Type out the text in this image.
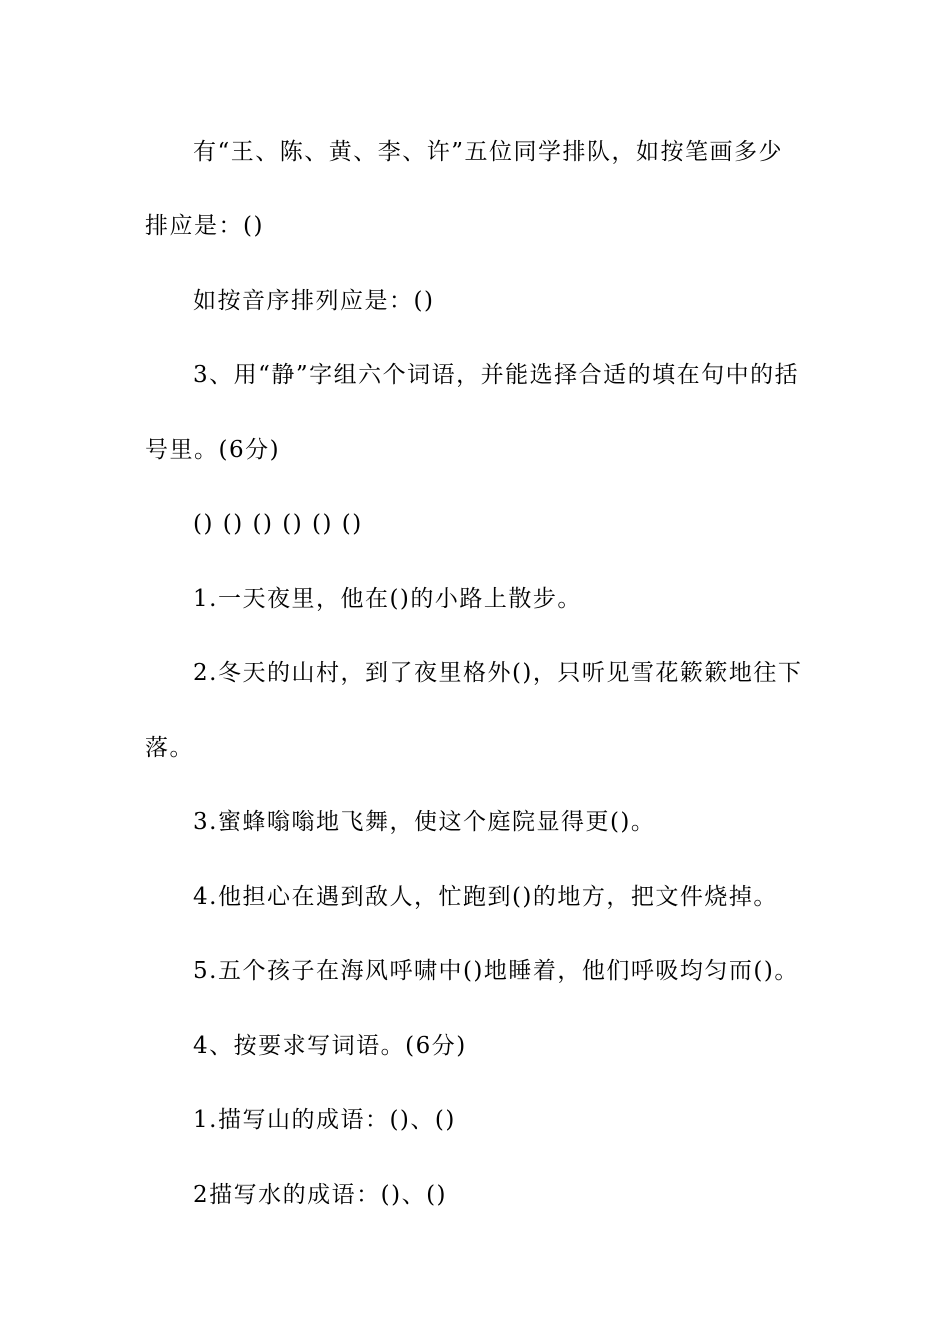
有“王、陈、黄、李、许”五位同学排队，如按笔画多少
排应是：()
如按音序排列应是：()
3、用“静”字组六个词语，并能选择合适的填在句中的括
号里。(6分)
() () () () () ()
1.一天夜里，他在()的小路上散步。
2.冬天的山村，到了夜里格外()，只听见雪花簌簌地往下
落。
3.蜜蜂嗡嗡地飞舞，使这个庭院显得更()。
4.他担心在遇到敌人，忙跑到()的地方，把文件烧掉。
5.五个孩子在海风呼啸中()地睡着，他们呼吸均匀而()。
4、按要求写词语。(6分)
1.描写山的成语：()、()
2描写水的成语：()、()
